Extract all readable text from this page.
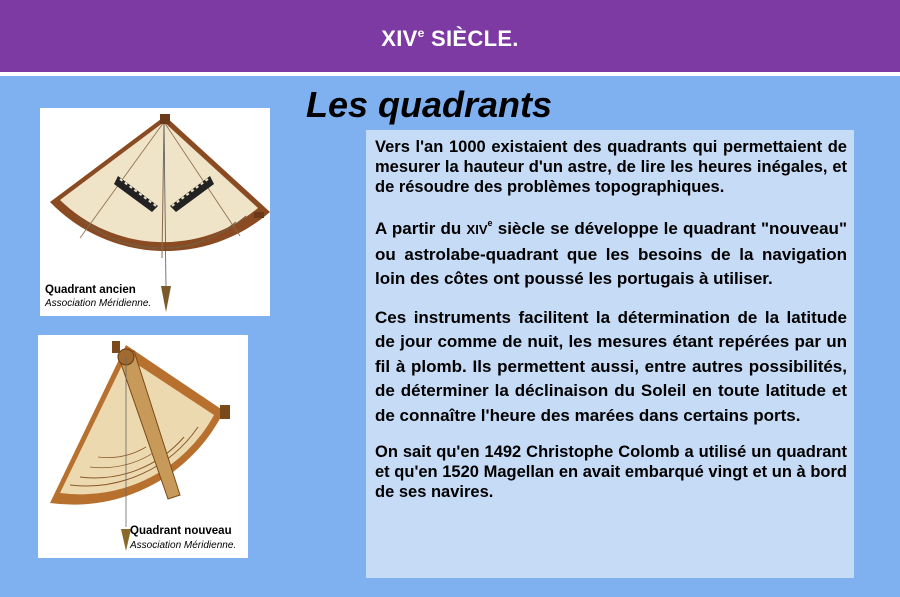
XIVe SIÈCLE.
Les quadrants
Quadrant ancien
Association Méridienne.
Quadrant nouveau
Association Méridienne.

Vers l'an 1000 existaient des quadrants qui permettaient de mesurer la hauteur d'un astre, de lire les heures inégales, et de résoudre des problèmes topographiques.

A partir du XIVe siècle se développe le quadrant "nouveau" ou astrolabe-quadrant que les besoins de la navigation loin des côtes ont poussé les portugais à utiliser.

Ces instruments facilitent la détermination de la latitude de jour comme de nuit, les mesures étant repérées par un fil à plomb. Ils permettent aussi, entre autres possibilités, de déterminer la déclinaison du Soleil en toute latitude et de connaître l'heure des marées dans certains ports.

On sait qu'en 1492 Christophe Colomb a utilisé un quadrant et qu'en 1520 Magellan en avait embarqué vingt et un à bord de ses navires.
